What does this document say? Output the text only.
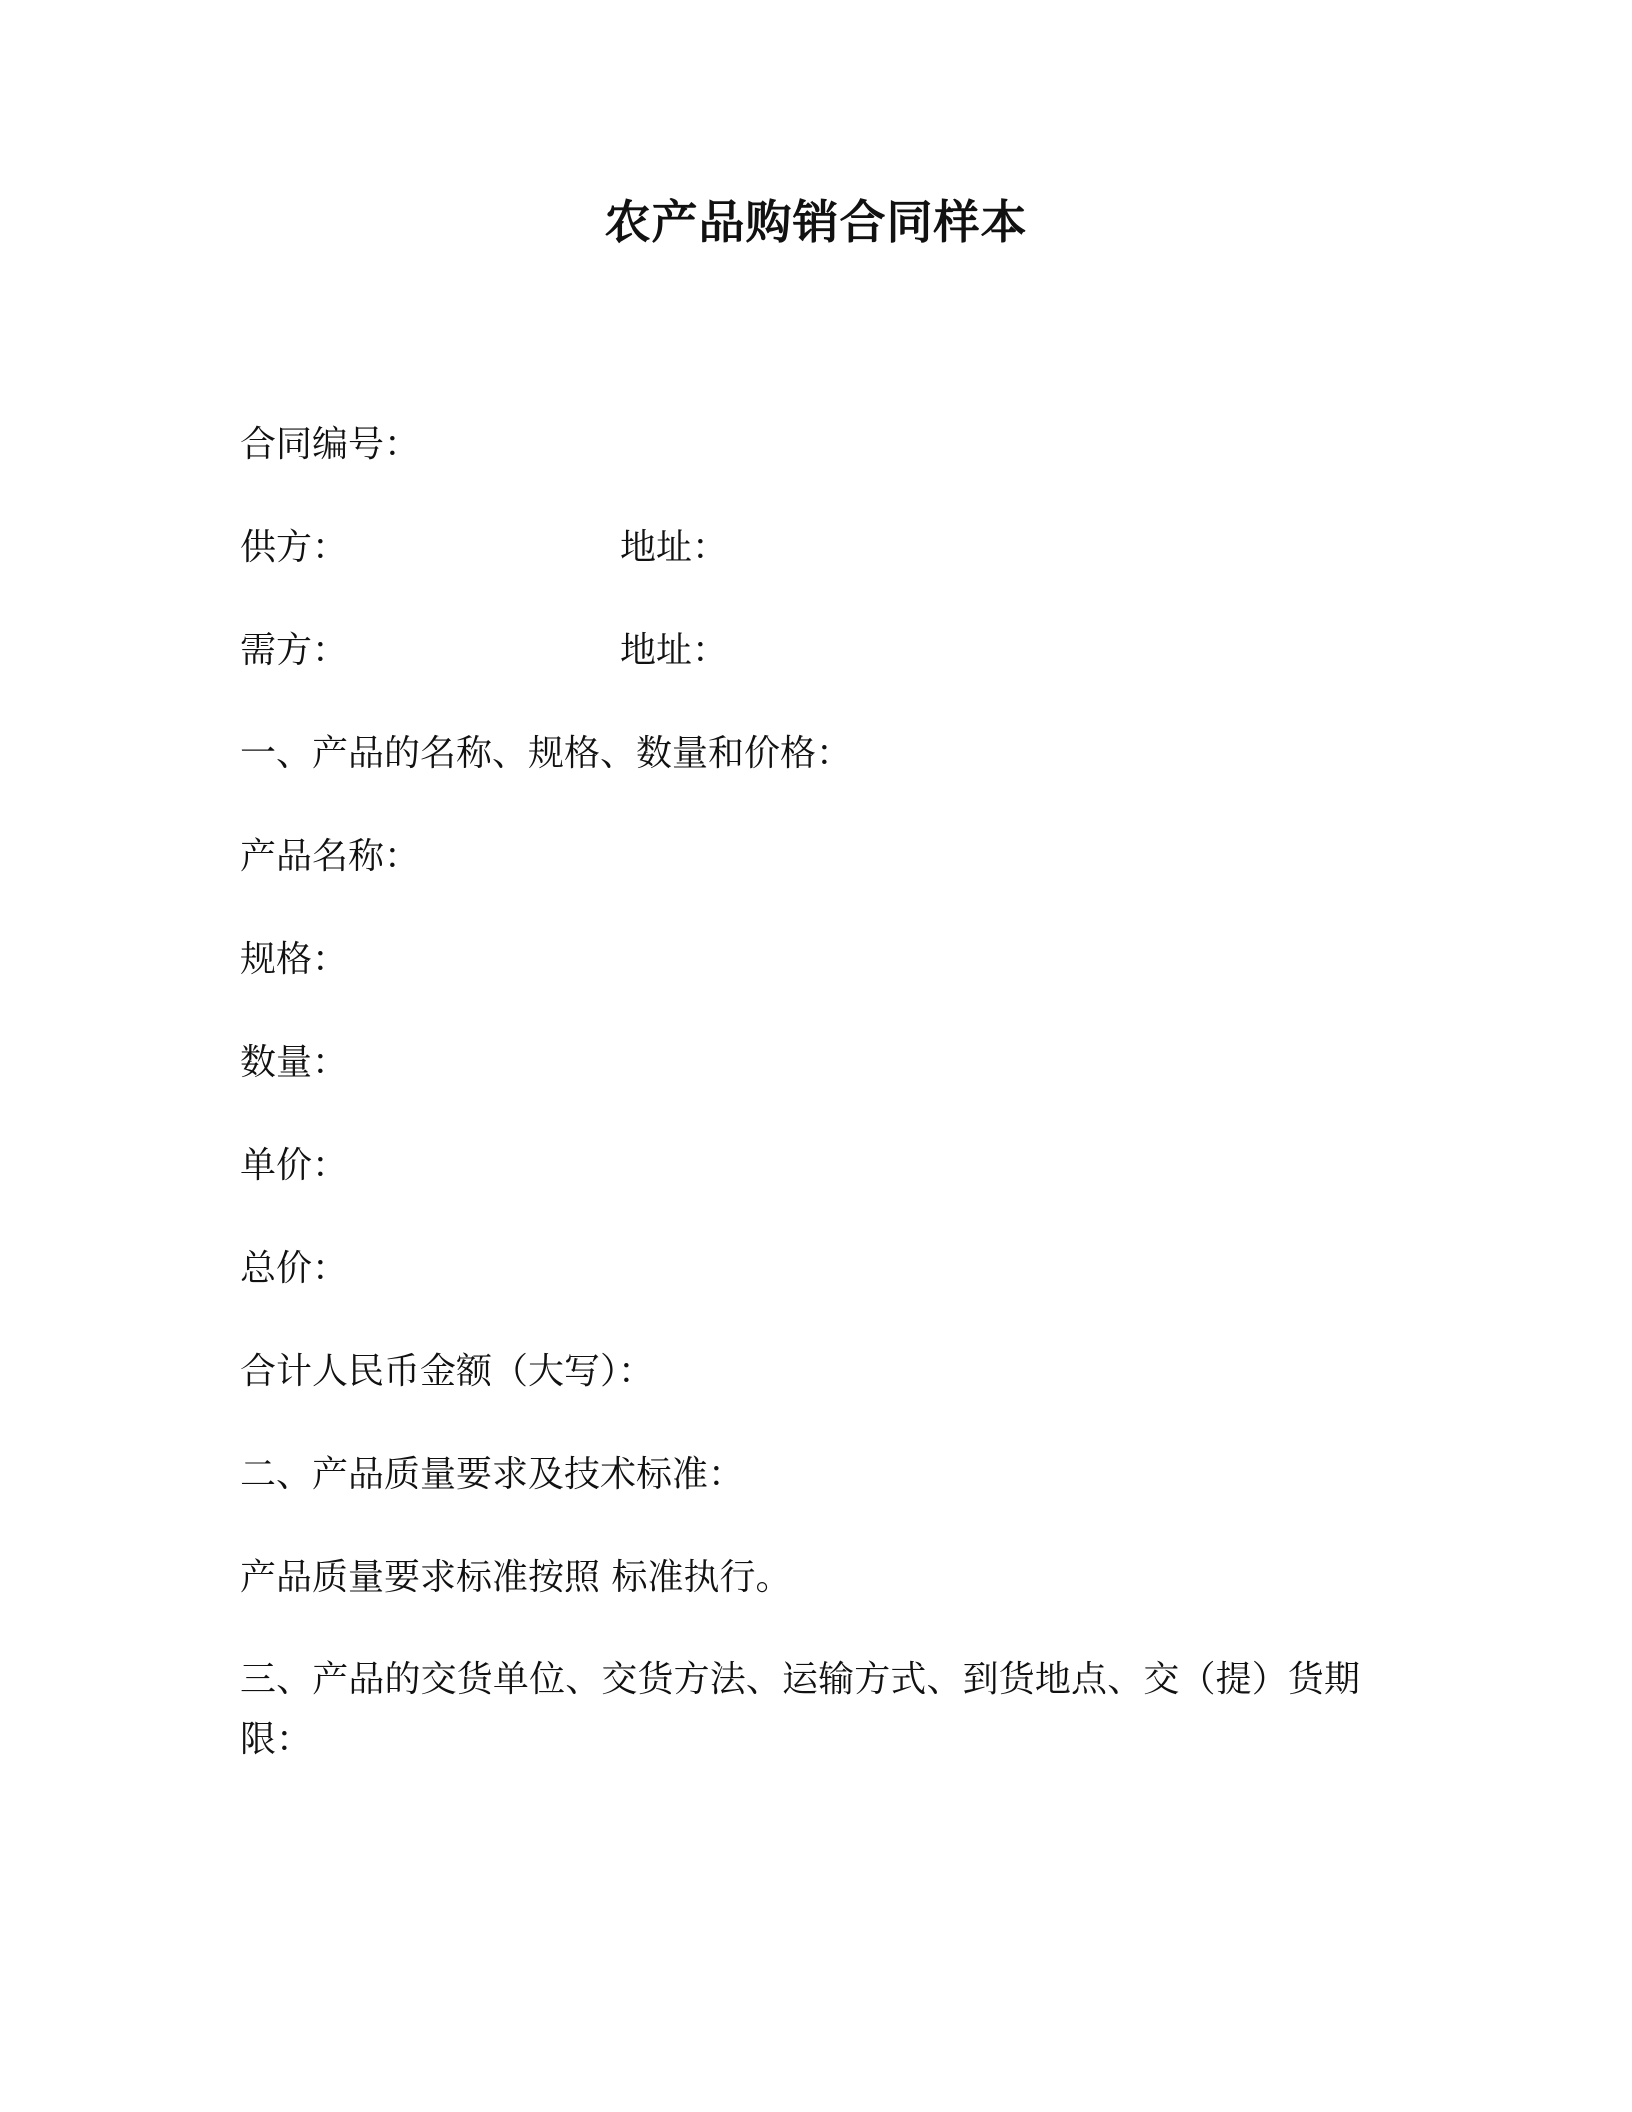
农产品购销合同样本
合同编号：
供方：	地址：
需方：	地址：
一、产品的名称、规格、数量和价格：
产品名称：
规格：
数量：
单价：
总价：
合计人民币金额（大写）：
二、产品质量要求及技术标准：
产品质量要求标准按照 标准执行。
三、产品的交货单位、交货方法、运输方式、到货地点、交（提）货期限：
